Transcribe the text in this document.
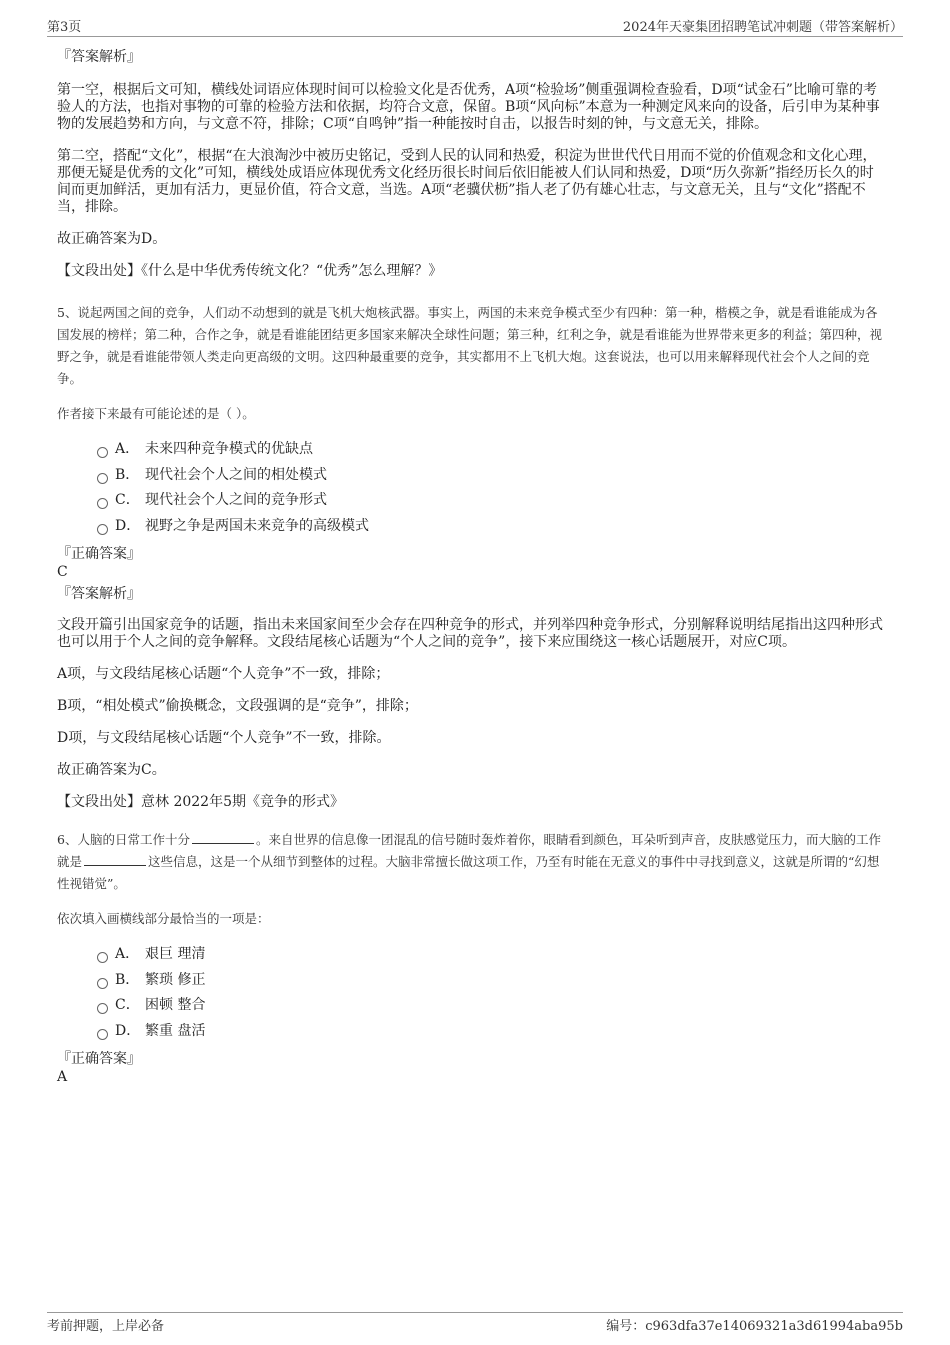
第3页	2024年天豪集团招聘笔试冲刺题（带答案解析）
『答案解析』

第一空，根据后文可知，横线处词语应体现时间可以检验文化是否优秀，A项“检验场”侧重强调检查验看，D项“试金石”比喻可靠的考验人的方法，也指对事物的可靠的检验方法和依据，均符合文意，保留。B项“风向标”本意为一种测定风来向的设备，后引申为某种事物的发展趋势和方向，与文意不符，排除；C项“自鸣钟”指一种能按时自击，以报告时刻的钟，与文意无关，排除。

第二空，搭配“文化”，根据“在大浪淘沙中被历史铭记，受到人民的认同和热爱，积淀为世世代代日用而不觉的价值观念和文化心理，那便无疑是优秀的文化”可知，横线处成语应体现优秀文化经历很长时间后依旧能被人们认同和热爱，D项“历久弥新”指经历长久的时间而更加鲜活，更加有活力，更显价值，符合文意，当选。A项“老骥伏枥”指人老了仍有雄心壮志，与文意无关，且与“文化”搭配不当，排除。

故正确答案为D。

【文段出处】《什么是中华优秀传统文化？“优秀”怎么理解？》

5、说起两国之间的竞争，人们动不动想到的就是飞机大炮核武器。事实上，两国的未来竞争模式至少有四种：第一种，楷模之争，就是看谁能成为各国发展的榜样；第二种，合作之争，就是看谁能团结更多国家来解决全球性问题；第三种，红利之争，就是看谁能为世界带来更多的利益；第四种，视野之争，就是看谁能带领人类走向更高级的文明。这四种最重要的竞争，其实都用不上飞机大炮。这套说法，也可以用来解释现代社会个人之间的竞争。

作者接下来最有可能论述的是（ ）。

A． 未来四种竞争模式的优缺点
B． 现代社会个人之间的相处模式
C． 现代社会个人之间的竞争形式
D． 视野之争是两国未来竞争的高级模式
『正确答案』
C
『答案解析』

文段开篇引出国家竞争的话题，指出未来国家间至少会存在四种竞争的形式，并列举四种竞争形式，分别解释说明结尾指出这四种形式也可以用于个人之间的竞争解释。文段结尾核心话题为“个人之间的竞争”，接下来应围绕这一核心话题展开，对应C项。

A项，与文段结尾核心话题“个人竞争”不一致，排除；

B项，“相处模式”偷换概念，文段强调的是“竞争”，排除；

D项，与文段结尾核心话题“个人竞争”不一致，排除。

故正确答案为C。

【文段出处】意林 2022年5期《竞争的形式》

6、人脑的日常工作十分	。来自世界的信息像一团混乱的信号随时轰炸着你，眼睛看到颜色，耳朵听到声音，皮肤感觉压力，而大脑的工作就是	这些信息，这是一个从细节到整体的过程。大脑非常擅长做这项工作，乃至有时能在无意义的事件中寻找到意义，这就是所谓的“幻想性视错觉”。

依次填入画横线部分最恰当的一项是：

A． 艰巨 理清
B． 繁琐 修正
C． 困顿 整合
D． 繁重 盘活
『正确答案』
A
考前押题，上岸必备	编号：c963dfa37e14069321a3d61994aba95b
